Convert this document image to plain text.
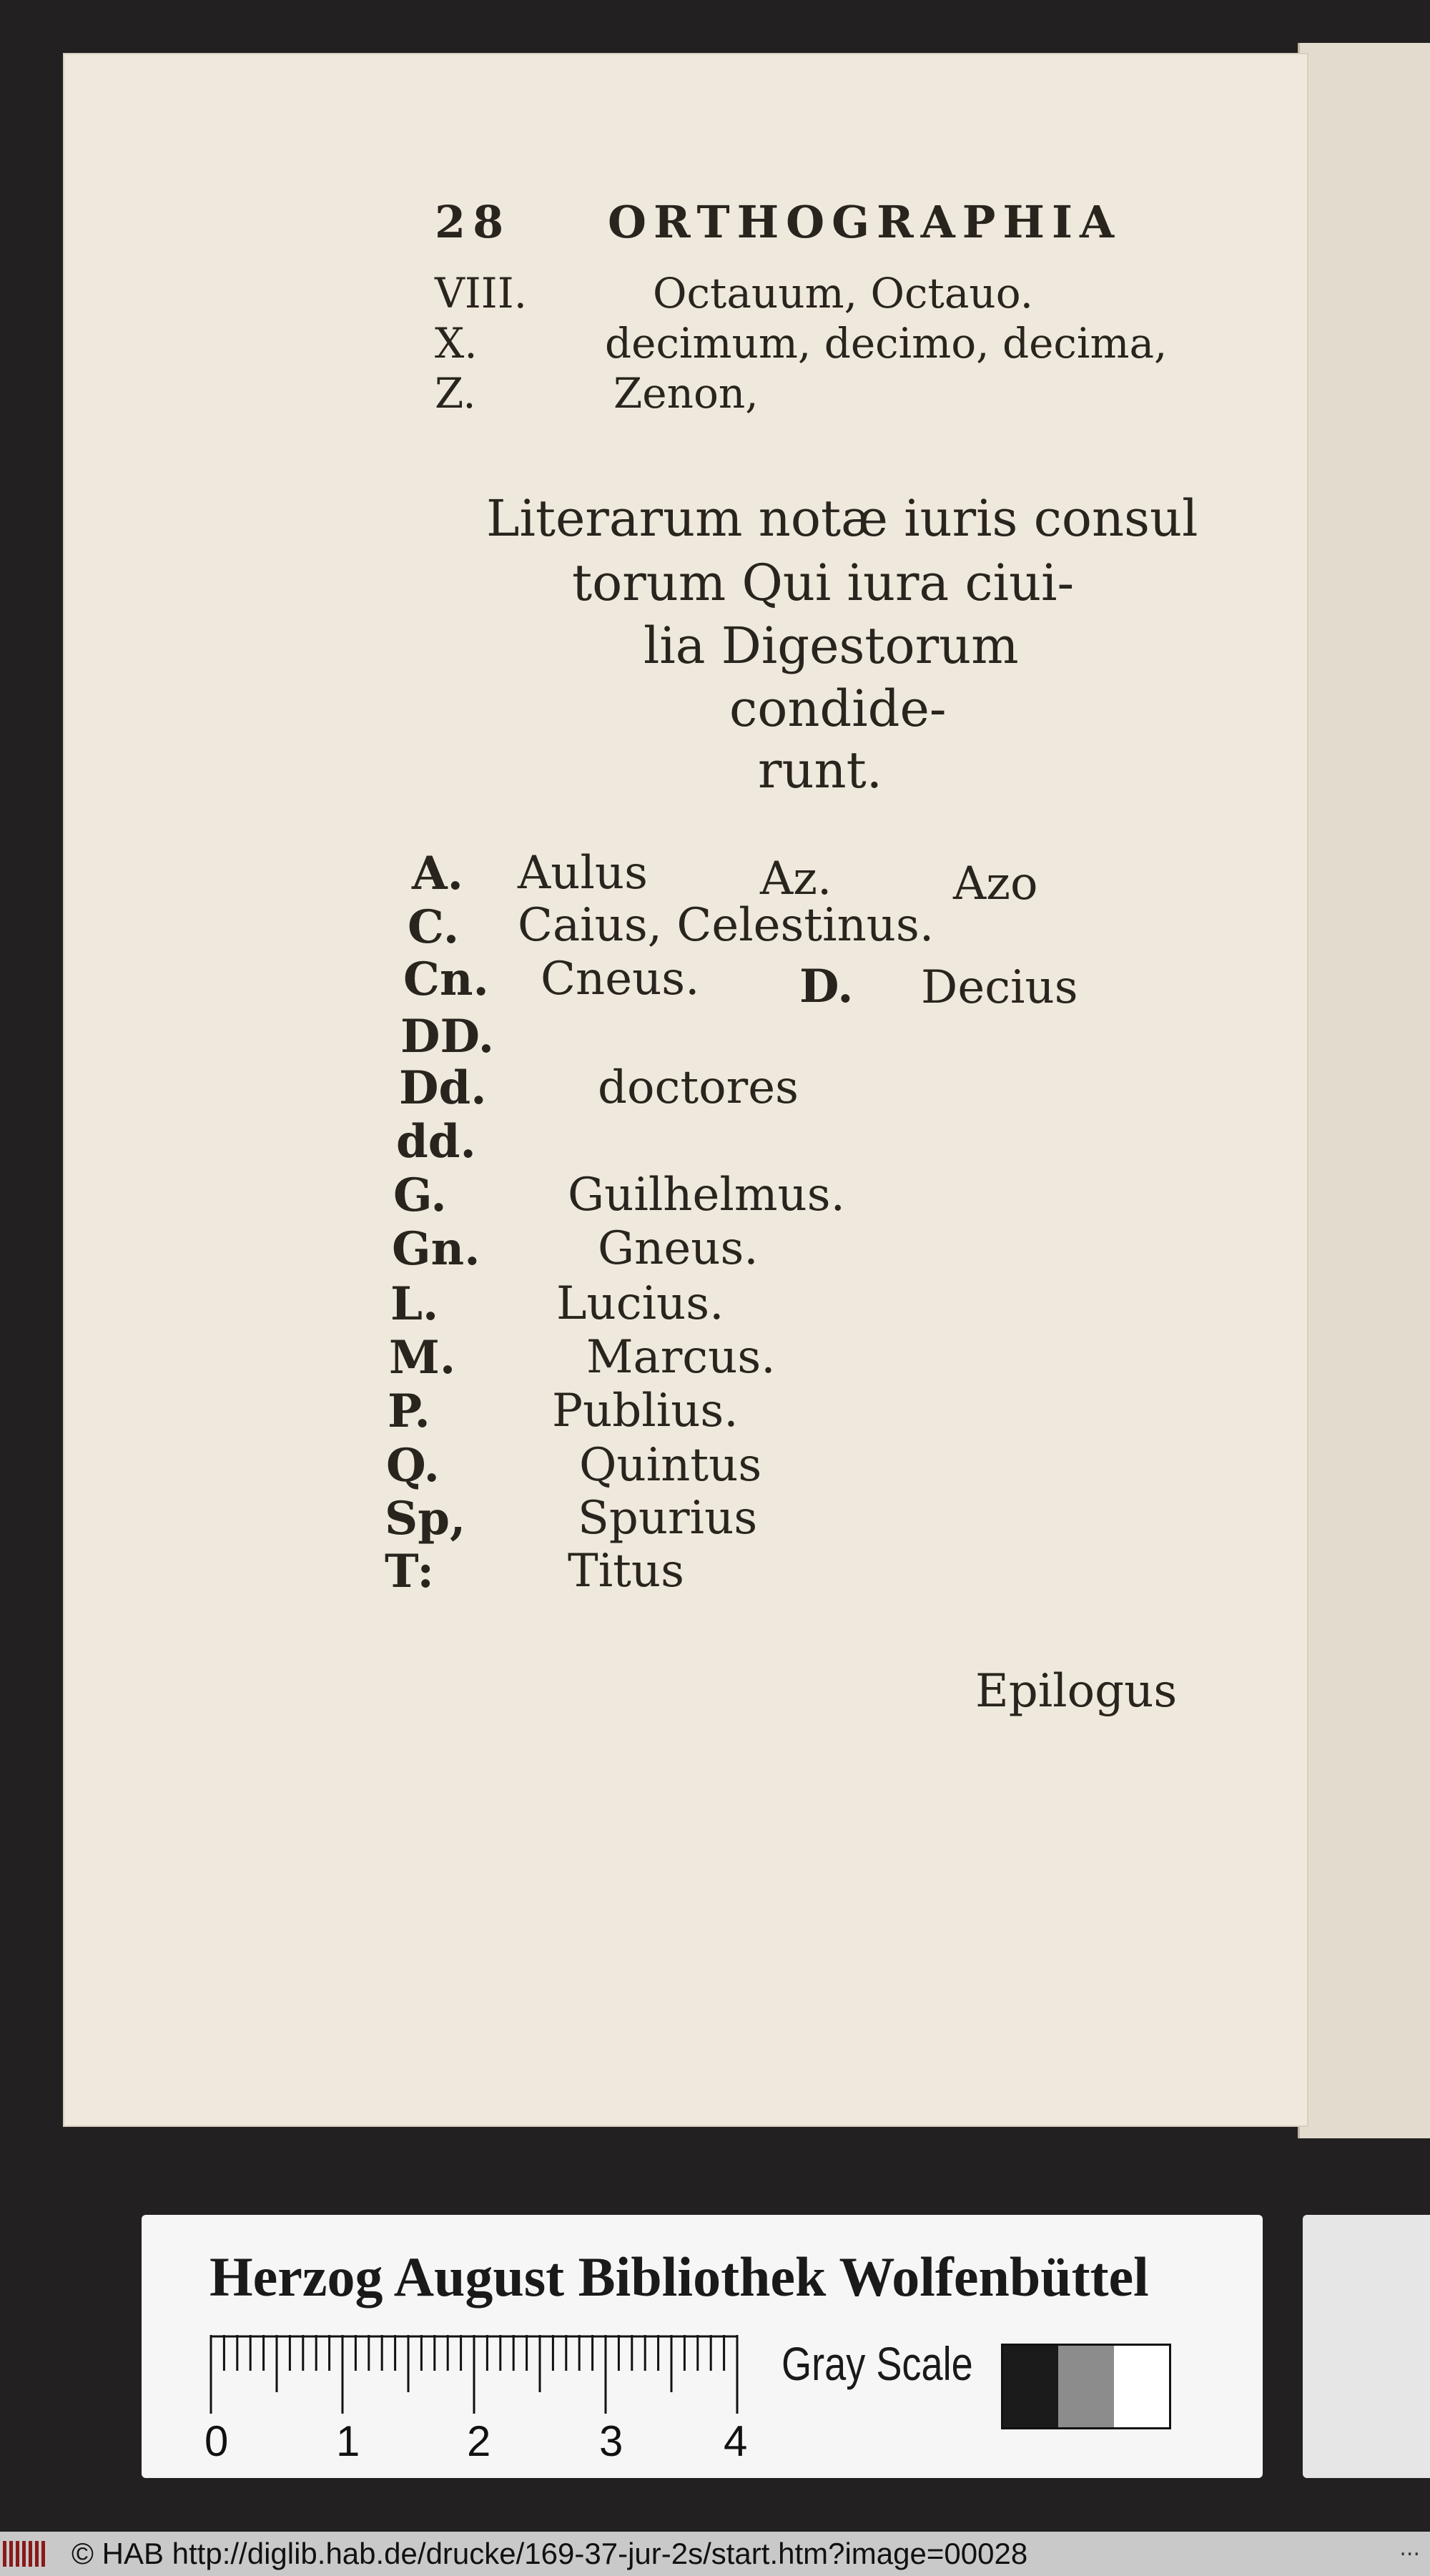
28 ORTHOGRAPHIA
VIII.	Octauum, Octauo.
X.	decimum, decimo, decima,
Z.	Zenon,
Literarum notæ iuris consul
torum Qui iura ciui-
lia Digestorum
condide-
runt.
A. Aulus Az.	Azo
C. Caius, Celestinus.
Cn. Cneus. D. Decius
DD.
Dd. doctores
dd.
G.	Guilhelmus.
Gn.	Gneus.
L.	Lucius.
M.	Marcus.
P.	Publius.
Q.	Quintus
Sp, Spurius
T:	Titus
Epilogus
Herzog August Bibliothek Wolfenbüttel
0	1 2	3 4
Gray Scale
© HAB http://diglib.hab.de/drucke/169-37-jur-2s/start.htm?image=00028	...
